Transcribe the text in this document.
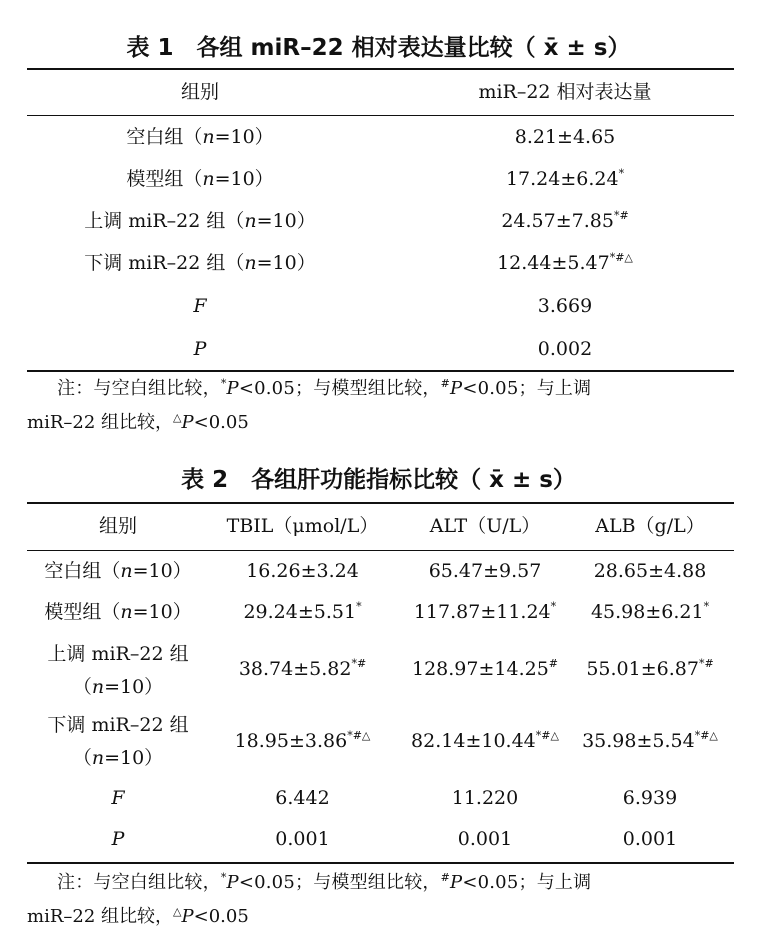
表 1　各组 miR–22 相对表达量比较（ x̄ ± s）
组别	miR–22 相对表达量
空白组（n=10）	8.21±4.65
模型组（n=10）	17.24±6.24*
上调 miR–22 组（n=10）	24.57±7.85*#
下调 miR–22 组（n=10）	12.44±5.47*#△
F	3.669
P	0.002

注：与空白组比较，*P<0.05；与模型组比较，#P<0.05；与上调

miR–22 组比较，△P<0.05

表 2　各组肝功能指标比较（ x̄ ± s）
组别	TBIL（μmol/L）	ALT（U/L）	ALB（g/L）
空白组（n=10）	16.26±3.24	65.47±9.57	28.65±4.88
模型组（n=10）	29.24±5.51*	117.87±11.24*	45.98±6.21*
上调 miR–22 组
（n=10）
38.74±5.82*#	128.97±14.25#	55.01±6.87*#
下调 miR–22 组
（n=10）
18.95±3.86*#△	82.14±10.44*#△	35.98±5.54*#△
F	6.442	11.220	6.939
P	0.001	0.001	0.001

注：与空白组比较，*P<0.05；与模型组比较，#P<0.05；与上调

miR–22 组比较，△P<0.05
